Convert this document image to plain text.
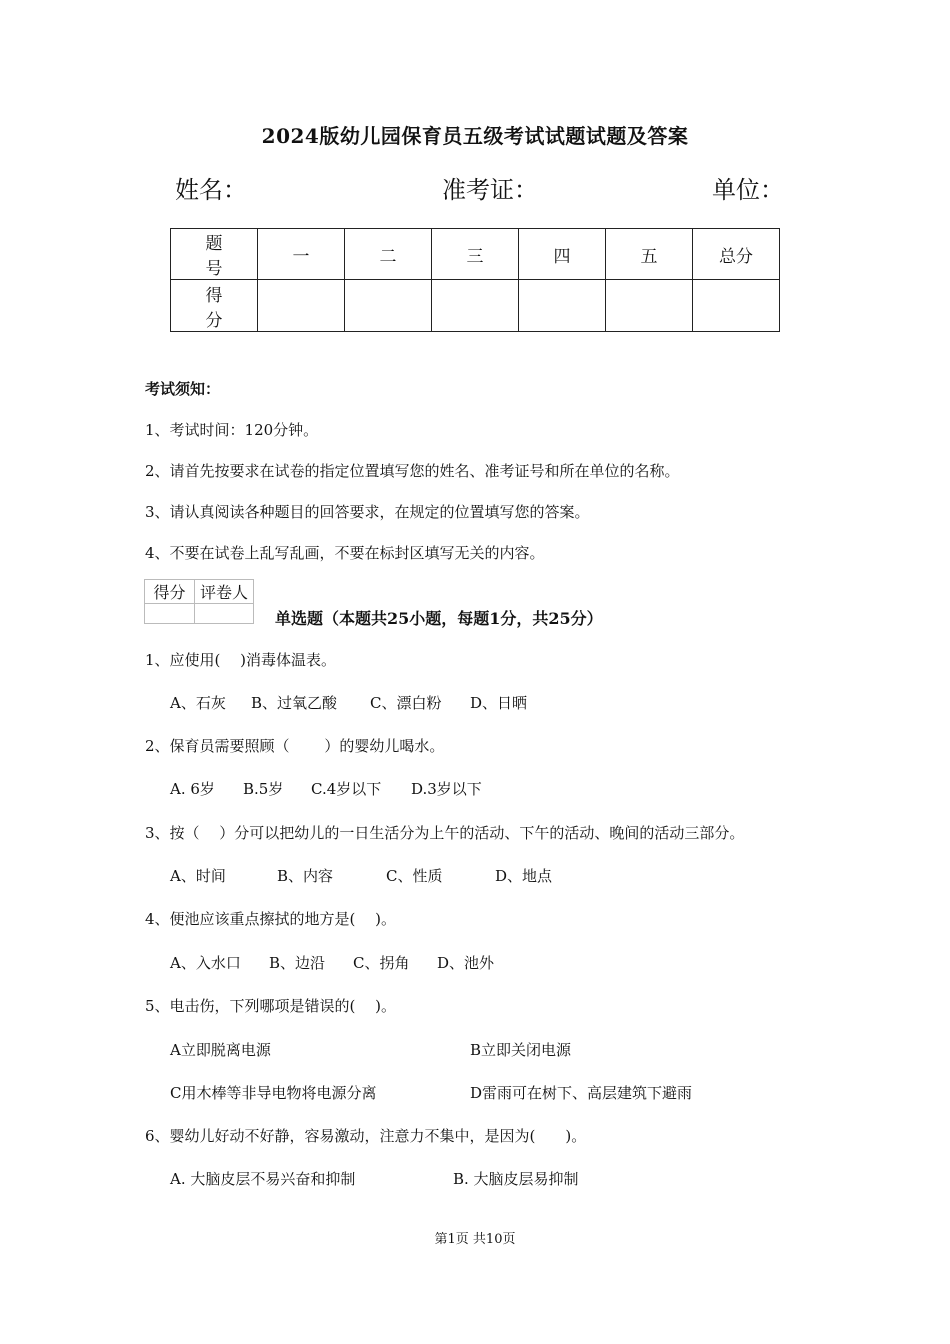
2024版幼儿园保育员五级考试试题试题及答案
姓名：	准考证：	单位：
题号	一	二	三	四	五	总分
得分						
考试须知：
1、考试时间：120分钟。
2、请首先按要求在试卷的指定位置填写您的姓名、准考证号和所在单位的名称。
3、请认真阅读各种题目的回答要求，在规定的位置填写您的答案。
4、不要在试卷上乱写乱画，不要在标封区填写无关的内容。
得分	评卷人

单选题（本题共25小题，每题1分，共25分）
1、应使用(　 )消毒体温表。
A、石灰 B、过氧乙酸 C、漂白粉 D、日晒
2、保育员需要照顾（　　 ）的婴幼儿喝水。
A. 6岁 B.5岁 C.4岁以下 D.3岁以下
3、按（　 ）分可以把幼儿的一日生活分为上午的活动、下午的活动、晚间的活动三部分。
A、时间	B、内容	C、性质	D、地点
4、便池应该重点擦拭的地方是(　 )。
A、入水口 B、边沿 C、拐角 D、池外
5、电击伤，下列哪项是错误的(　 )。
A立即脱离电源	B立即关闭电源
C用木棒等非导电物将电源分离	D雷雨可在树下、高层建筑下避雨
6、婴幼儿好动不好静，容易激动，注意力不集中，是因为(　　)。
A. 大脑皮层不易兴奋和抑制	B. 大脑皮层易抑制
第1页 共10页
